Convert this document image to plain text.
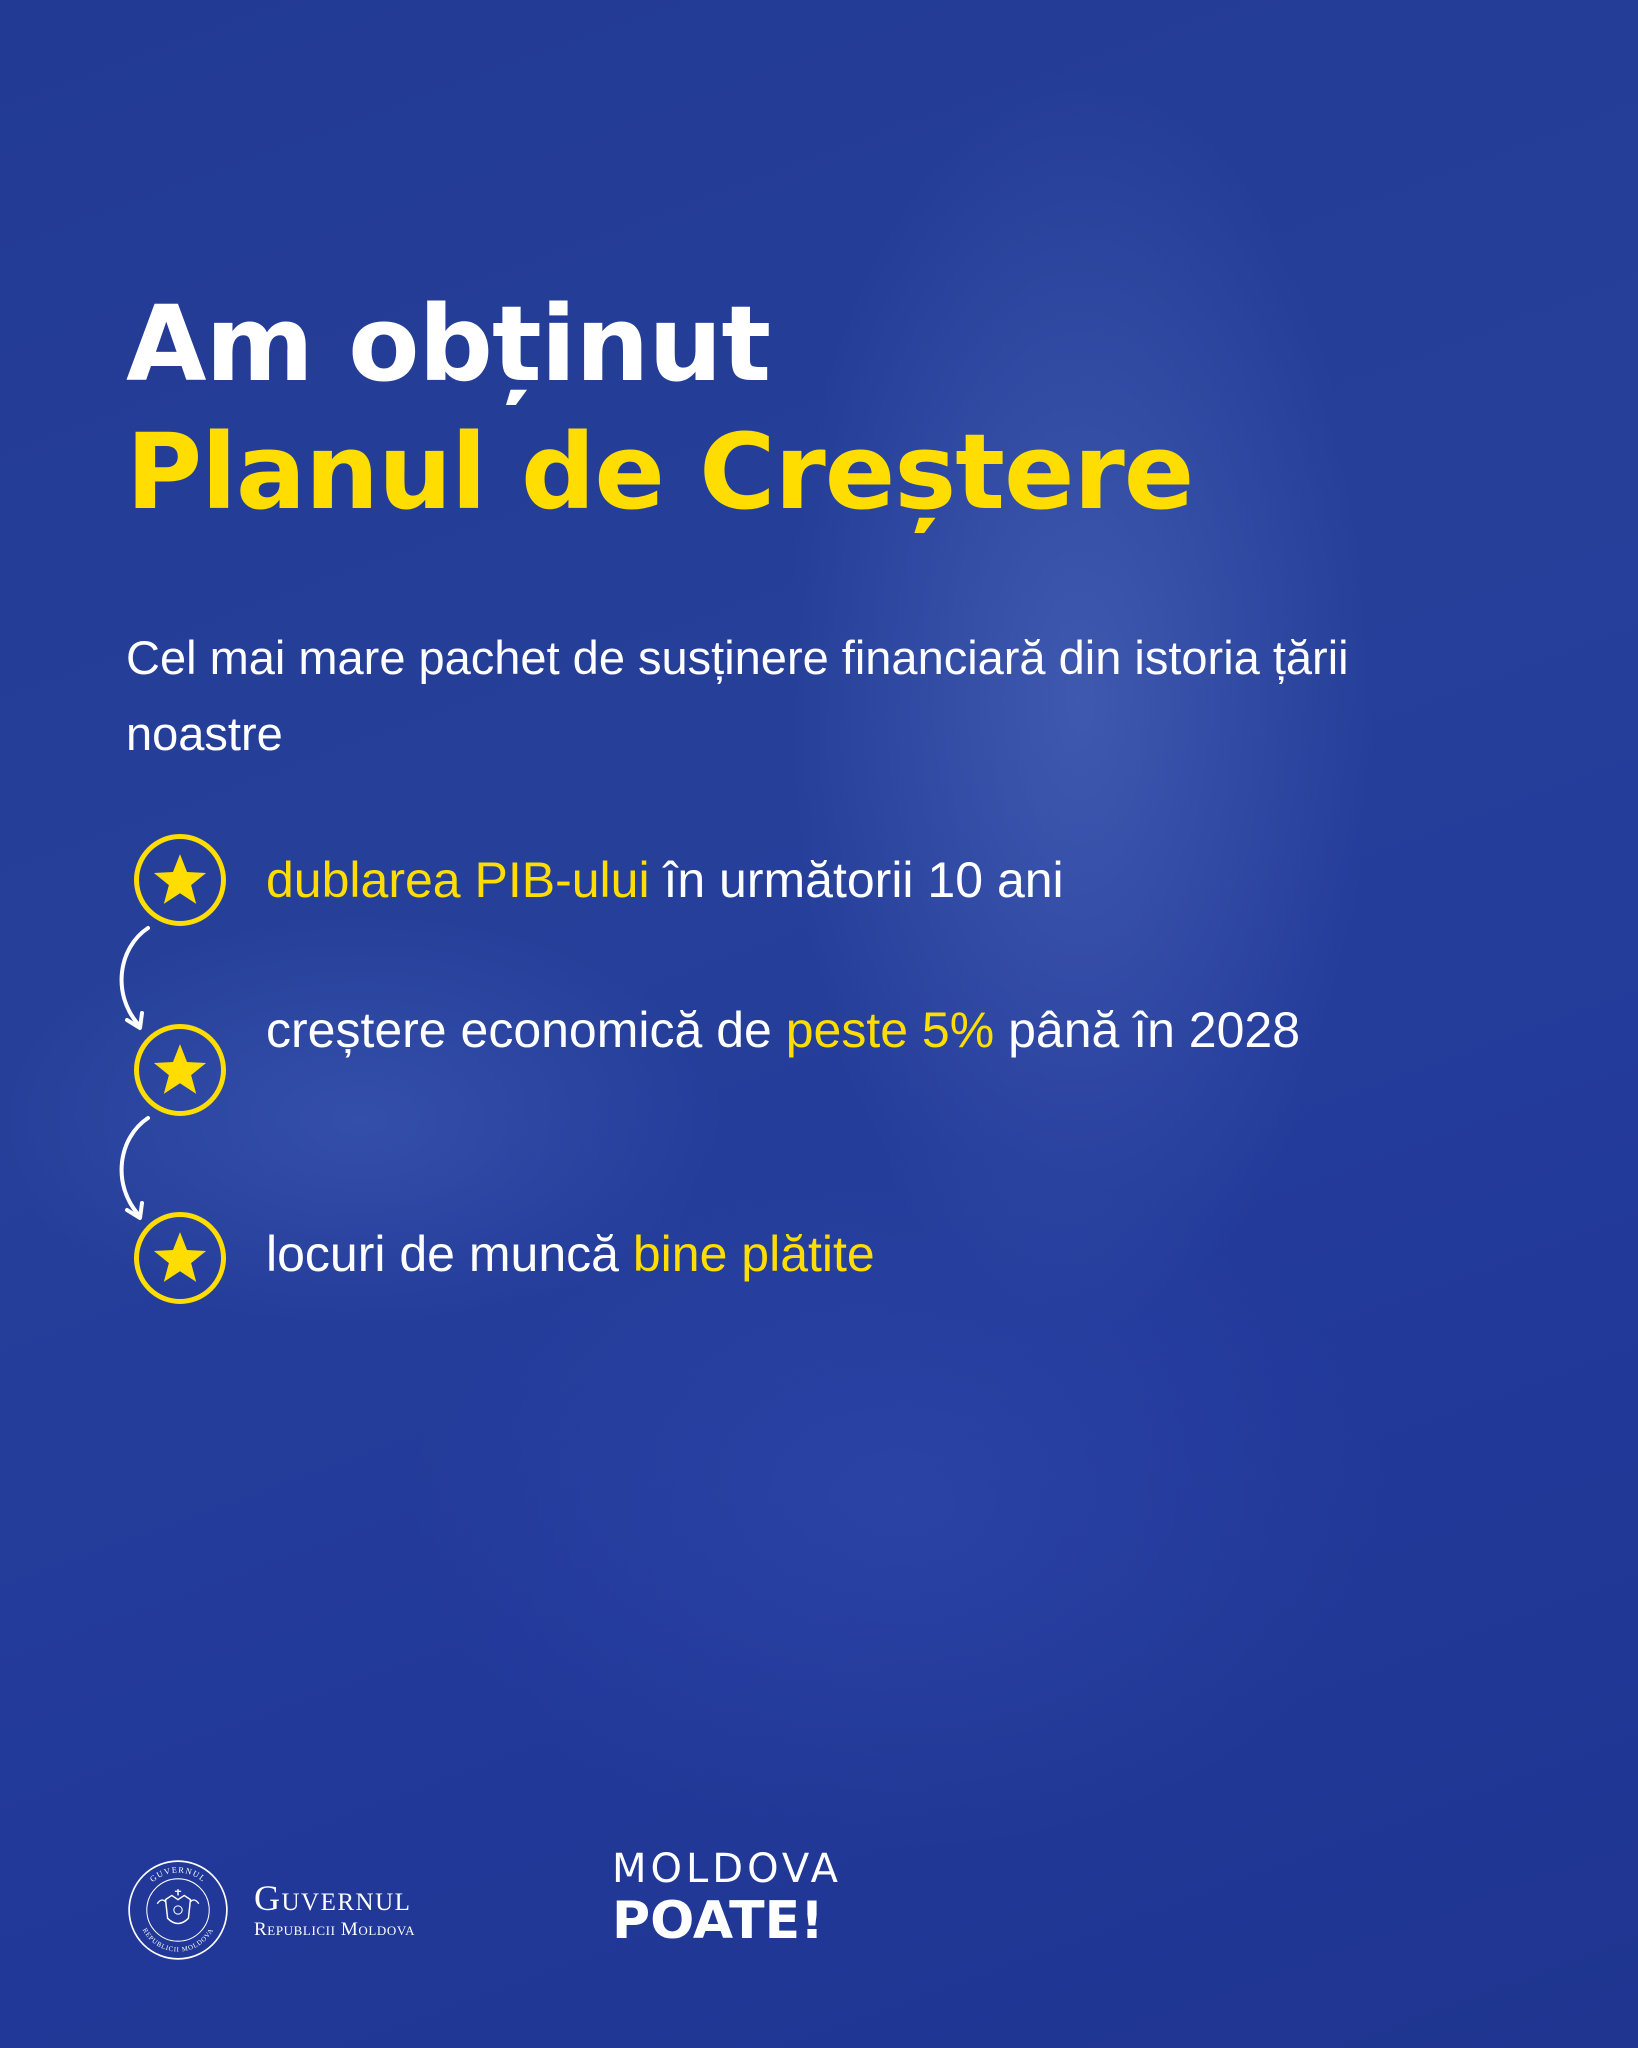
Am obținut
Planul de Creștere

Cel mai mare pachet de susținere financiară din istoria țării noastre

dublarea PIB-ului în următorii 10 ani

creștere economică de peste 5% până în 2028

locuri de muncă bine plătite

GUVERNUL
REPUBLICII MOLDOVA
Guvernul
Republicii Moldova
MOLDOVA
POATE!
